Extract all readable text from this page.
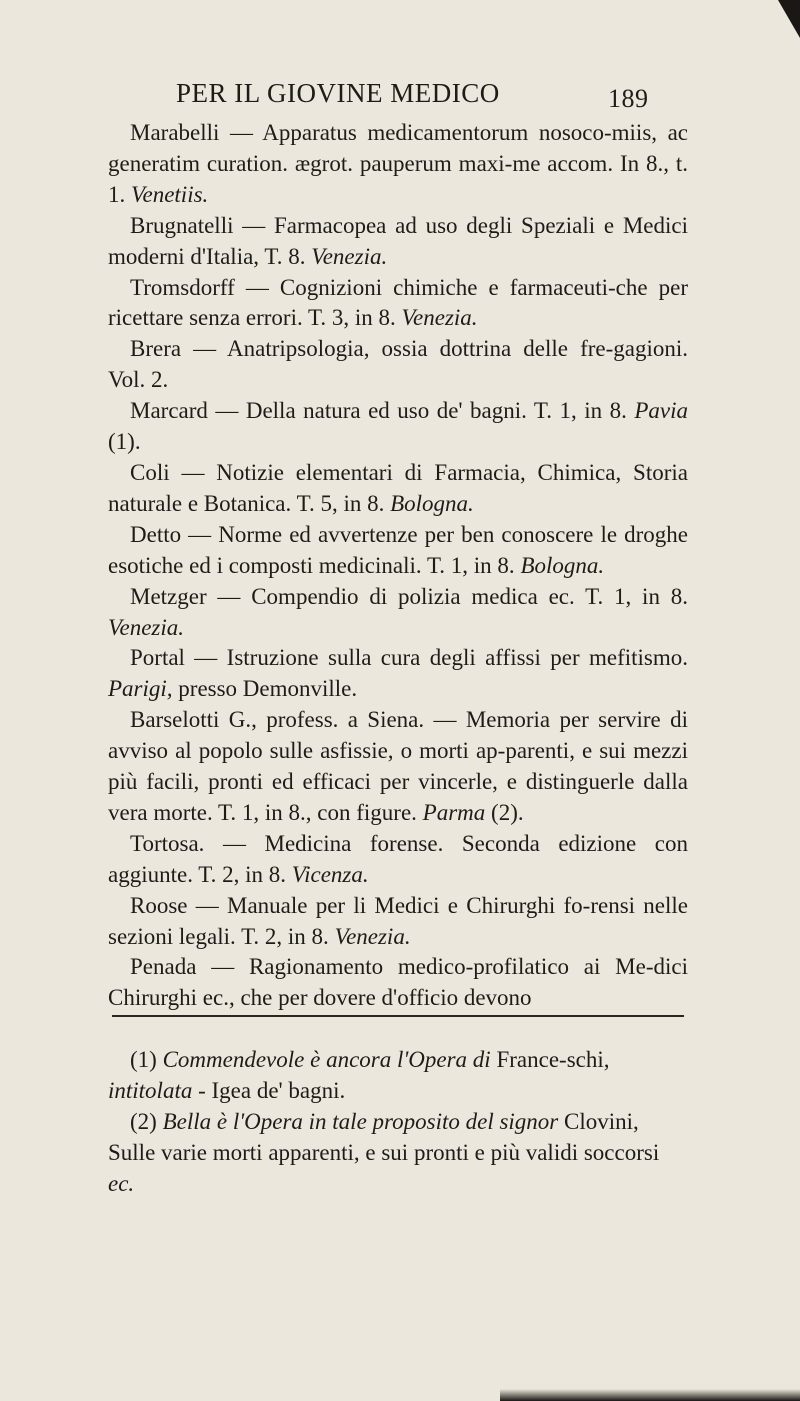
PER IL GIOVINE MEDICO	189

Marabelli — Apparatus medicamentorum nosoco-miis, ac generatim curation. ægrot. pauperum maxi-me accom. In 8., t. 1. Venetiis.

Brugnatelli — Farmacopea ad uso degli Speziali e Medici moderni d'Italia, T. 8. Venezia.

Tromsdorff — Cognizioni chimiche e farmaceuti-che per ricettare senza errori. T. 3, in 8. Venezia.

Brera — Anatripsologia, ossia dottrina delle fre-gagioni. Vol. 2.

Marcard — Della natura ed uso de' bagni. T. 1, in 8. Pavia (1).

Coli — Notizie elementari di Farmacia, Chimica, Storia naturale e Botanica. T. 5, in 8. Bologna.

Detto — Norme ed avvertenze per ben conoscere le droghe esotiche ed i composti medicinali. T. 1, in 8. Bologna.

Metzger — Compendio di polizia medica ec. T. 1, in 8. Venezia.

Portal — Istruzione sulla cura degli affissi per mefitismo. Parigi, presso Demonville.

Barselotti G., profess. a Siena. — Memoria per servire di avviso al popolo sulle asfissie, o morti ap-parenti, e sui mezzi più facili, pronti ed efficaci per vincerle, e distinguerle dalla vera morte. T. 1, in 8., con figure. Parma (2).

Tortosa. — Medicina forense. Seconda edizione con aggiunte. T. 2, in 8. Vicenza.

Roose — Manuale per li Medici e Chirurghi fo-rensi nelle sezioni legali. T. 2, in 8. Venezia.

Penada — Ragionamento medico-profilatico ai Me-dici Chirurghi ec., che per dovere d'officio devono

(1) Commendevole è ancora l'Opera di France-schi, intitolata - Igea de' bagni.

(2) Bella è l'Opera in tale proposito del signor Clovini, Sulle varie morti apparenti, e sui pronti e più validi soccorsi ec.
